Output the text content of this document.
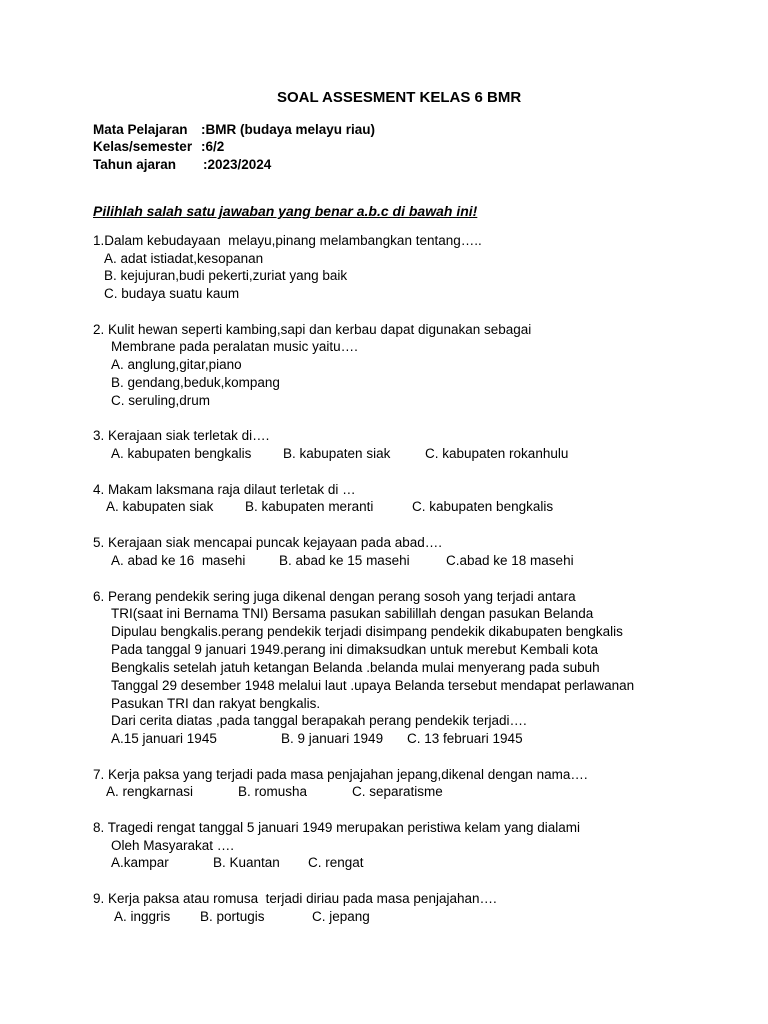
SOAL ASSESMENT KELAS 6 BMR
Mata Pelajaran :BMR (budaya melayu riau)
Kelas/semester :6/2
Tahun ajaran :2023/2024
Pilihlah salah satu jawaban yang benar a.b.c di bawah ini!
1.Dalam kebudayaan  melayu,pinang melambangkan tentang…..
A. adat istiadat,kesopanan
B. kejujuran,budi pekerti,zuriat yang baik
C. budaya suatu kaum
2. Kulit hewan seperti kambing,sapi dan kerbau dapat digunakan sebagai
Membrane pada peralatan music yaitu….
A. anglung,gitar,piano
B. gendang,beduk,kompang
C. seruling,drum
3. Kerajaan siak terletak di….
A. kabupaten bengkalis B. kabupaten siak	C. kabupaten rokanhulu
4. Makam laksmana raja dilaut terletak di …
A. kabupaten siak B. kabupaten meranti	C. kabupaten bengkalis
5. Kerajaan siak mencapai puncak kejayaan pada abad….
A. abad ke 16  masehi B. abad ke 15 masehi	C.abad ke 18 masehi
6. Perang pendekik sering juga dikenal dengan perang sosoh yang terjadi antara
TRI(saat ini Bernama TNI) Bersama pasukan sabilillah dengan pasukan Belanda
Dipulau bengkalis.perang pendekik terjadi disimpang pendekik dikabupaten bengkalis
Pada tanggal 9 januari 1949.perang ini dimaksudkan untuk merebut Kembali kota
Bengkalis setelah jatuh ketangan Belanda .belanda mulai menyerang pada subuh
Tanggal 29 desember 1948 melalui laut .upaya Belanda tersebut mendapat perlawanan
Pasukan TRI dan rakyat bengkalis.
Dari cerita diatas ,pada tanggal berapakah perang pendekik terjadi….
A.15 januari 1945	B. 9 januari 1949 C. 13 februari 1945
7. Kerja paksa yang terjadi pada masa penjajahan jepang,dikenal dengan nama….
A. rengkarnasi	B. romusha	C. separatisme
8. Tragedi rengat tanggal 5 januari 1949 merupakan peristiwa kelam yang dialami
Oleh Masyarakat ….
A.kampar	B. Kuantan C. rengat
9. Kerja paksa atau romusa  terjadi diriau pada masa penjajahan….
A. inggris B. portugis	C. jepang
